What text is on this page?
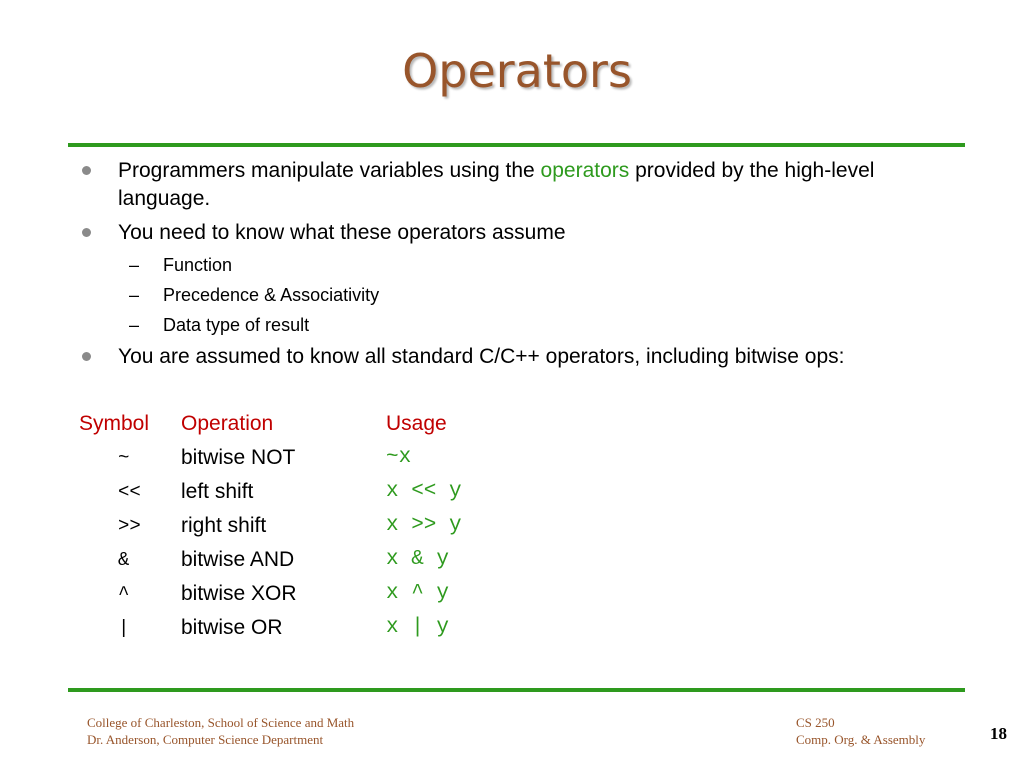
Operators
Programmers manipulate variables using the operators provided by the high-level language.
You need to know what these operators assume
– Function
– Precedence & Associativity
– Data type of result
You are assumed to know all standard C/C++ operators, including bitwise ops:
Symbol Operation	Usage
~ bitwise NOT	~x
<< left shift	x << y
>> right shift	x >> y
& bitwise AND	x & y
^ bitwise XOR	x ^ y
| bitwise OR	x | y
College of Charleston, School of Science and Math
Dr. Anderson, Computer Science Department
CS 250
Comp. Org. & Assembly	18
